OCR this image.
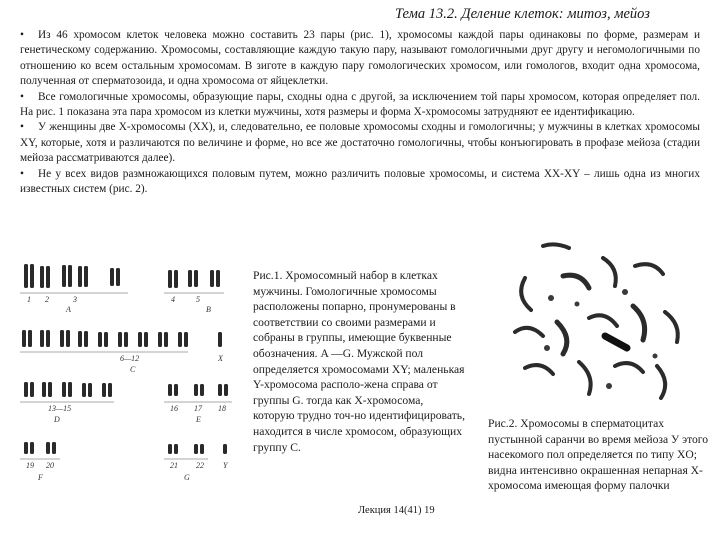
Тема 13.2. Деление клеток: митоз, мейоз

• Из 46 хромосом клеток человека можно составить 23 пары (рис. 1), хромосомы каждой пары одинаковы по форме, размерам и генетическому содержанию. Хромосомы, составляющие каждую такую пару, называют гомологичными друг другу и негомологичными по отношению ко всем остальным хромосомам. В зиготе в каждую пару гомологических хромосом, или гомологов, входит одна хромосома, полученная от сперматозоида, и одна хромосома от яйцеклетки.

• Все гомологичные хромосомы, образующие пары, сходны одна с другой, за исключением той пары хромосом, которая определяет пол. На рис. 1 показана эта пара хромосом из клетки мужчины, хотя размеры и форма X-хромосомы затрудняют ее идентификацию.

• У женщины две X-хромосомы (XX), и, следовательно, ее половые хромосомы сходны и гомологичны; у мужчины в клетках хромосомы XY, которые, хотя и различаются по величине и форме, но все же достаточно гомологичны, чтобы конъюгировать в профазе мейоза (стадии мейоза рассматриваются далее).

• Не у всех видов размножающихся половым путем, можно различить половые хромосомы, и система XX-XY – лишь одна из многих известных систем (рис. 2).

1 2	3	4	5
A	B
6—12	X
C
13—15	16 17 18
D	E
19 20	21 22 Y
F	G
Рис.1. Хромосомный набор в клетках мужчины. Гомологичные хромосомы расположены попарно, пронумерованы в соответствии со своими размерами и собраны в группы, имеющие буквенные обозначения. A —G. Мужской пол определяется хромосомами XY; маленькая Y-хромосома располо-жена справа от группы G. тогда как X-хромосома, которую трудно точ-но идентифицировать, находится в числе хромосом, образующих группу C.
Лекция 14(41) 19
Рис.2. Хромосомы в сперматоцитах пустынной саранчи во время мейоза У этого насекомого пол определяется по типу XO; видна интенсивно окрашенная непарная X-хромосома имеющая форму палочки
